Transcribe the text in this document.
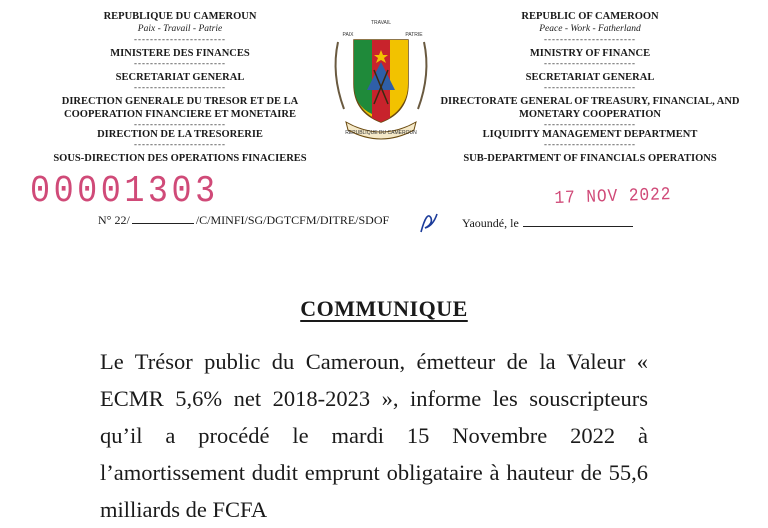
REPUBLIQUE DU CAMEROUN
Paix - Travail - Patrie
-----------------------
MINISTERE DES FINANCES
-----------------------
SECRETARIAT GENERAL
-----------------------
DIRECTION GENERALE DU TRESOR ET DE LA COOPERATION FINANCIERE ET MONETAIRE
-----------------------
DIRECTION DE LA TRESORERIE
-----------------------
SOUS-DIRECTION DES OPERATIONS FINACIERES
REPUBLIC OF CAMEROON
Peace - Work - Fatherland
-----------------------
MINISTRY OF FINANCE
-----------------------
SECRETARIAT GENERAL
-----------------------
DIRECTORATE GENERAL OF TREASURY, FINANCIAL, AND MONETARY COOPERATION
-----------------------
LIQUIDITY MANAGEMENT DEPARTMENT
-----------------------
SUB-DEPARTMENT OF FINANCIALS OPERATIONS
PAIX
TRAVAIL
PATRIE
REPUBLIQUE DU CAMEROUN
00001303
N° 22/	/C/MINFI/SG/DGTCFM/DITRE/SDOF
17 NOV 2022
Yaoundé, le
COMMUNIQUE
Le Trésor public du Cameroun, émetteur de la Valeur « ECMR 5,6% net 2018-2023 », informe les souscripteurs qu’il a procédé le mardi 15 Novembre 2022 à l’amortissement dudit emprunt obligataire à hauteur de 55,6 milliards de FCFA
